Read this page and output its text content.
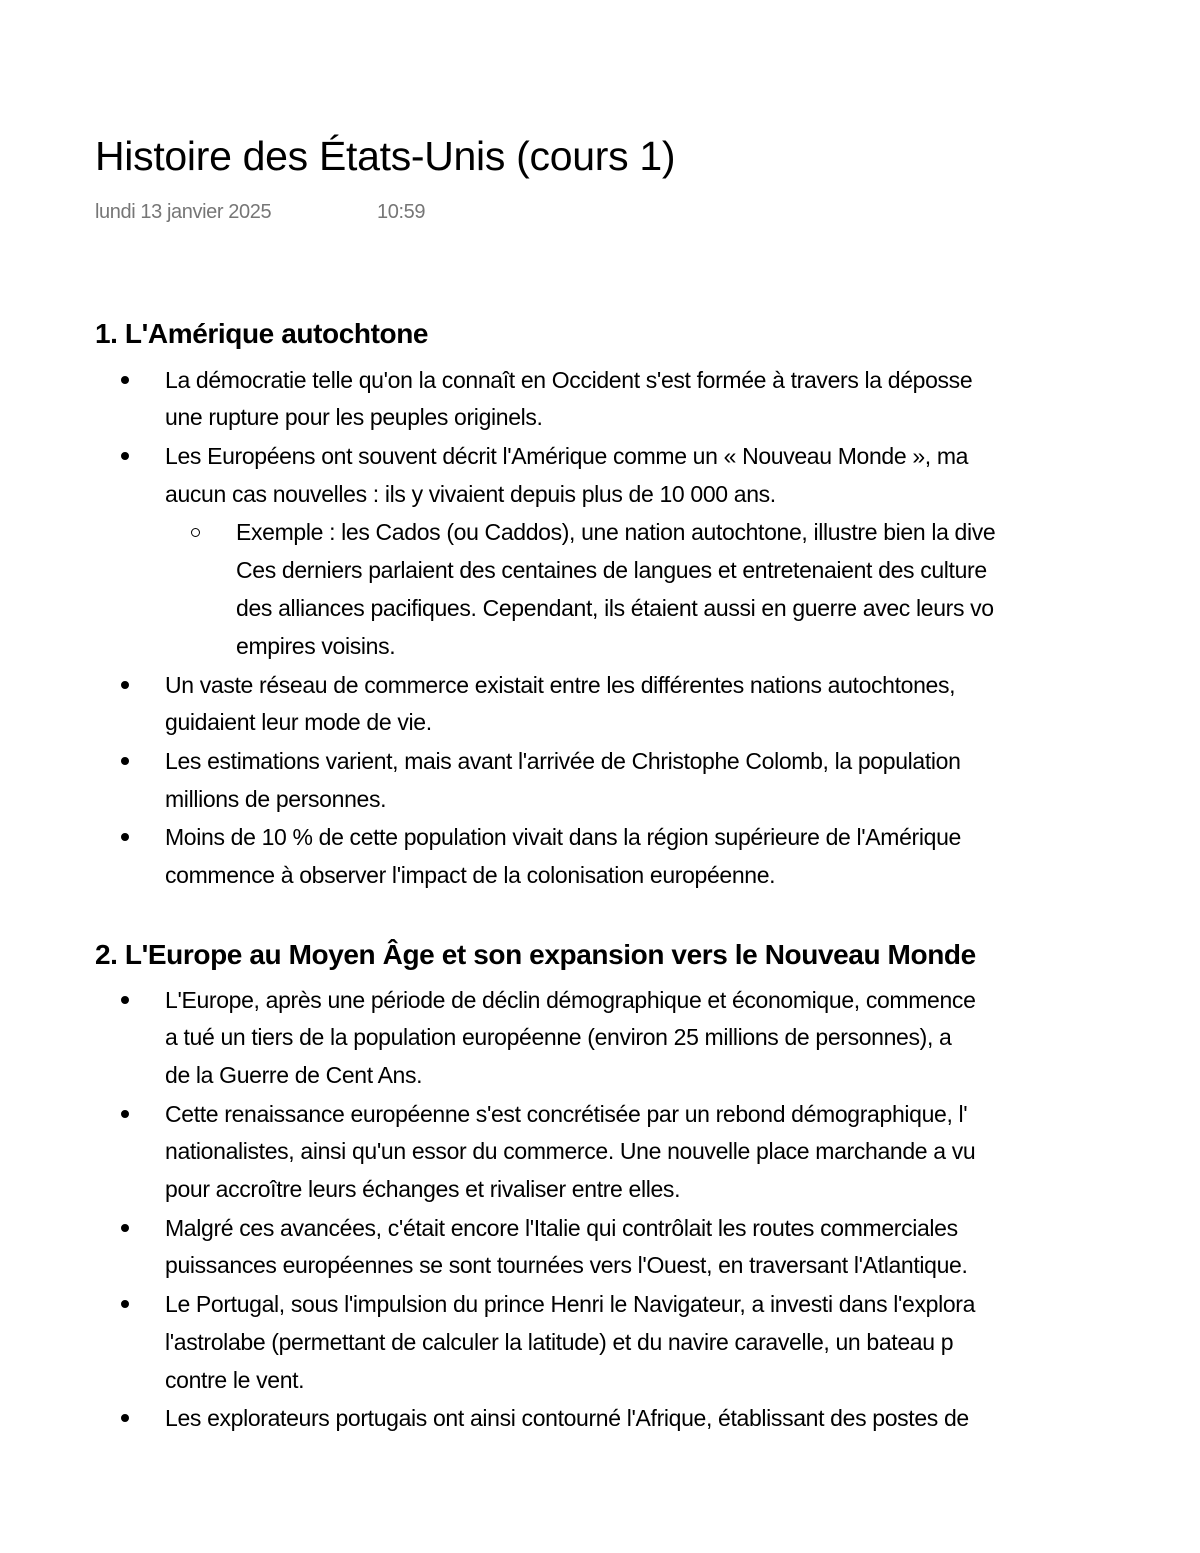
Histoire des États-Unis (cours 1)
lundi 13 janvier 2025	10:59
1. L'Amérique autochtone
La démocratie telle qu'on la connaît en Occident s'est formée à travers la déposse
une rupture pour les peuples originels.
Les Européens ont souvent décrit l'Amérique comme un « Nouveau Monde », ma
aucun cas nouvelles : ils y vivaient depuis plus de 10 000 ans.
Exemple : les Cados (ou Caddos), une nation autochtone, illustre bien la dive
Ces derniers parlaient des centaines de langues et entretenaient des culture
des alliances pacifiques. Cependant, ils étaient aussi en guerre avec leurs vo
empires voisins.
Un vaste réseau de commerce existait entre les différentes nations autochtones,
guidaient leur mode de vie.
Les estimations varient, mais avant l'arrivée de Christophe Colomb, la population
millions de personnes.
Moins de 10 % de cette population vivait dans la région supérieure de l'Amérique
commence à observer l'impact de la colonisation européenne.
2. L'Europe au Moyen Âge et son expansion vers le Nouveau Monde
L'Europe, après une période de déclin démographique et économique, commence
a tué un tiers de la population européenne (environ 25 millions de personnes), a
de la Guerre de Cent Ans.
Cette renaissance européenne s'est concrétisée par un rebond démographique, l'
nationalistes, ainsi qu'un essor du commerce. Une nouvelle place marchande a vu
pour accroître leurs échanges et rivaliser entre elles.
Malgré ces avancées, c'était encore l'Italie qui contrôlait les routes commerciales
puissances européennes se sont tournées vers l'Ouest, en traversant l'Atlantique.
Le Portugal, sous l'impulsion du prince Henri le Navigateur, a investi dans l'explora
l'astrolabe (permettant de calculer la latitude) et du navire caravelle, un bateau p
contre le vent.
Les explorateurs portugais ont ainsi contourné l'Afrique, établissant des postes de
